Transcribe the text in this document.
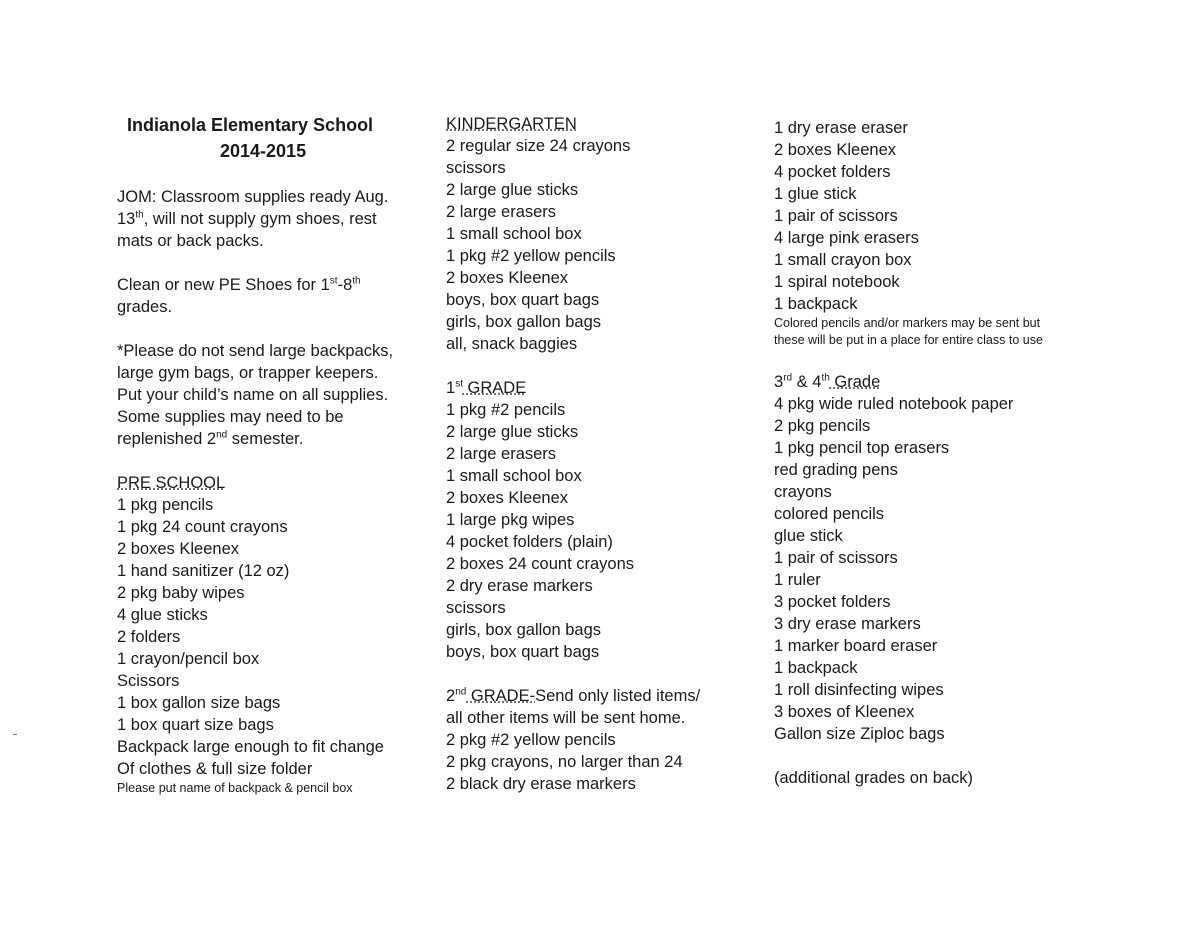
Indianola Elementary School
2014-2015
JOM: Classroom supplies ready Aug.
13th, will not supply gym shoes, rest
mats or back packs.
Clean or new PE Shoes for 1st-8th
grades.
*Please do not send large backpacks,
large gym bags, or trapper keepers.
Put your child’s name on all supplies.
Some supplies may need to be
replenished 2nd semester.
PRE SCHOOL
1 pkg pencils
1 pkg 24 count crayons
2 boxes Kleenex
1 hand sanitizer (12 oz)
2 pkg baby wipes
4 glue sticks
2 folders
1 crayon/pencil box
Scissors
1 box gallon size bags
1 box quart size bags
Backpack large enough to fit change
Of clothes & full size folder
Please put name of backpack & pencil box
KINDERGARTEN
2 regular size 24 crayons
scissors
2 large glue sticks
2 large erasers
1 small school box
1 pkg #2 yellow pencils
2 boxes Kleenex
boys, box quart bags
girls, box gallon bags
all, snack baggies
1st GRADE
1 pkg #2 pencils
2 large glue sticks
2 large erasers
1 small school box
2 boxes Kleenex
1 large pkg wipes
4 pocket folders (plain)
2 boxes 24 count crayons
2 dry erase markers
scissors
girls, box gallon bags
boys, box quart bags
2nd GRADE-Send only listed items/
all other items will be sent home.
2 pkg #2 yellow pencils
2 pkg crayons, no larger than 24
2 black dry erase markers
1 dry erase eraser
2 boxes Kleenex
4 pocket folders
1 glue stick
1 pair of scissors
4 large pink erasers
1 small crayon box
1 spiral notebook
1 backpack
Colored pencils and/or markers may be sent but
these will be put in a place for entire class to use
3rd & 4th Grade
4 pkg wide ruled notebook paper
2 pkg pencils
1 pkg pencil top erasers
red grading pens
crayons
colored pencils
glue stick
1 pair of scissors
1 ruler
3 pocket folders
3 dry erase markers
1 marker board eraser
1 backpack
1 roll disinfecting wipes
3 boxes of Kleenex
Gallon size Ziploc bags
(additional grades on back)
